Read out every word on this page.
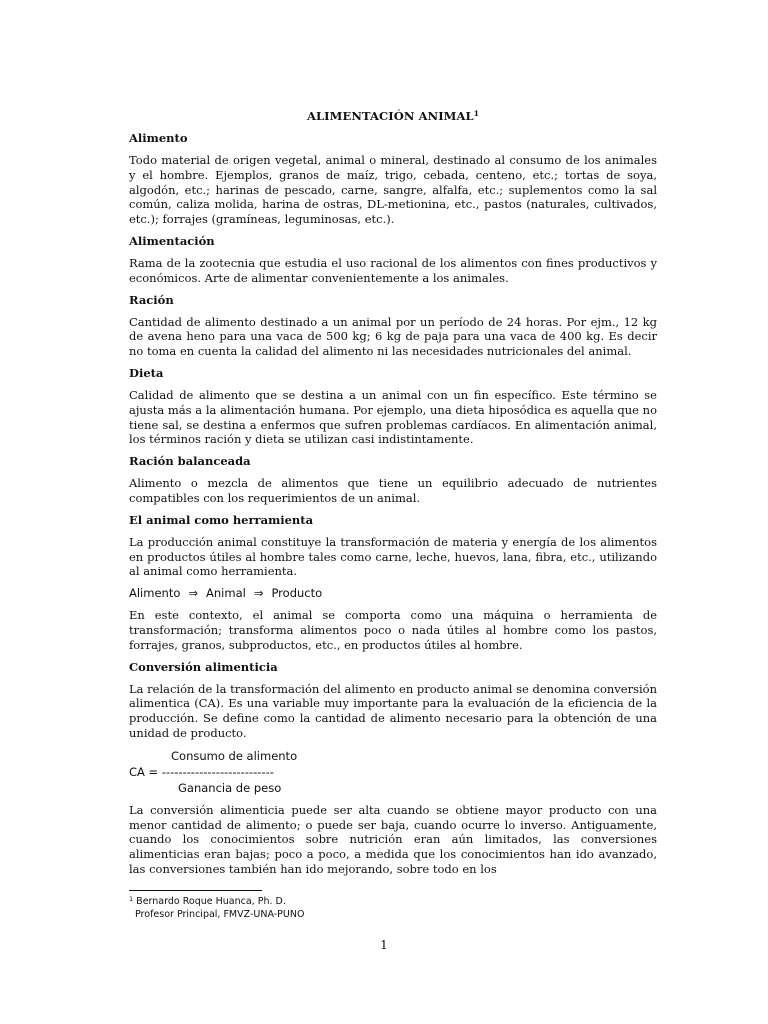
ALIMENTACIÓN ANIMAL$^1$
Alimento
Todo material de origen vegetal, animal o mineral, destinado al consumo de los animales y el hombre. Ejemplos, granos de maíz, trigo, cebada, centeno, etc.; tortas de soya, algodón, etc.; harinas de pescado, carne, sangre, alfalfa, etc.; suplementos como la sal común, caliza molida, harina de ostras, DL-metionina, etc., pastos (naturales, cultivados, etc.); forrajes (gramíneas, leguminosas, etc.).
Alimentación
Rama de la zootecnia que estudia el uso racional de los alimentos con fines productivos y económicos. Arte de alimentar convenientemente a los animales.
Ración
Cantidad de alimento destinado a un animal por un período de 24 horas. Por ejm., 12 kg de avena heno para una vaca de 500 kg; 6 kg de paja para una vaca de 400 kg. Es decir no toma en cuenta la calidad del alimento ni las necesidades nutricionales del animal.
Dieta
Calidad de alimento que se destina a un animal con un fin específico. Este término se ajusta más a la alimentación humana. Por ejemplo, una dieta hiposódica es aquella que no tiene sal, se destina a enfermos que sufren problemas cardíacos. En alimentación animal, los términos ración y dieta se utilizan casi indistintamente.
Ración balanceada
Alimento o mezcla de alimentos que tiene un equilibrio adecuado de nutrientes compatibles con los requerimientos de un animal.
El animal como herramienta
La producción animal constituye la transformación de materia y energía de los alimentos en productos útiles al hombre tales como carne, leche, huevos, lana, fibra, etc., utilizando al animal como herramienta.
Alimento ⇒ Animal ⇒ Producto
En este contexto, el animal se comporta como una máquina o herramienta de transformación; transforma alimentos poco o nada útiles al hombre como los pastos, forrajes, granos, subproductos, etc., en productos útiles al hombre.
Conversión alimenticia
La relación de la transformación del alimento en producto animal se denomina conversión alimentica (CA). Es una variable muy importante para la evaluación de la eficiencia de la producción. Se define como la cantidad de alimento necesario para la obtención de una unidad de producto.
Consumo de alimento
CA = ---------------------------
Ganancia de peso
La conversión alimenticia puede ser alta cuando se obtiene mayor producto con una menor cantidad de alimento; o puede ser baja, cuando ocurre lo inverso. Antiguamente, cuando los conocimientos sobre nutrición eran aún limitados, las conversiones alimenticias eran bajas; poco a poco, a medida que los conocimientos han ido avanzado, las conversiones también han ido mejorando, sobre todo en los
$^1$ Bernardo Roque Huanca, Ph. D.
Profesor Principal, FMVZ-UNA-PUNO
1
